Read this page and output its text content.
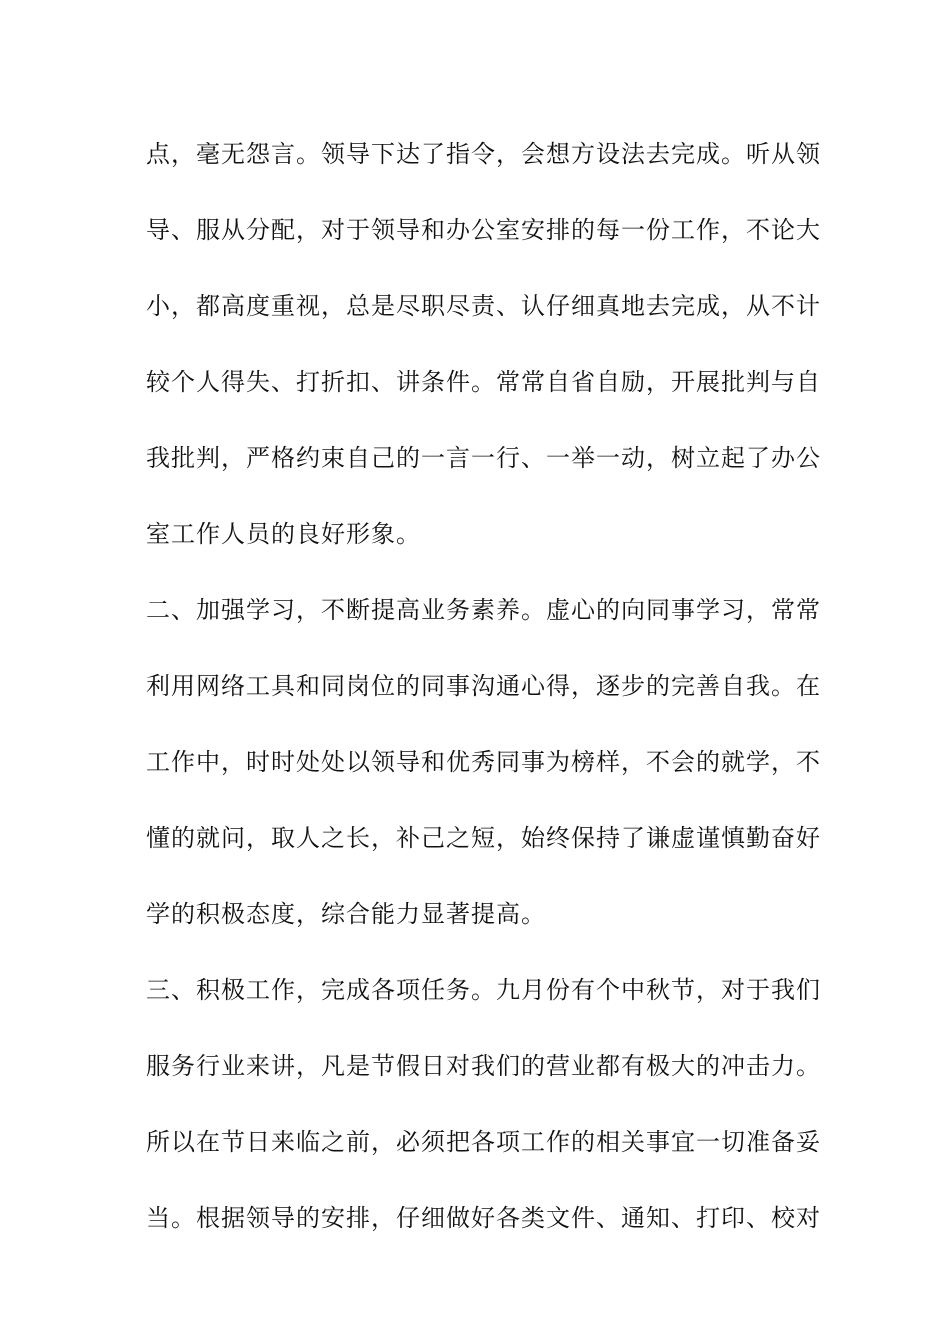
点，毫无怨言。领导下达了指令，会想方设法去完成。听从领
导、服从分配，对于领导和办公室安排的每一份工作，不论大
小，都高度重视，总是尽职尽责、认仔细真地去完成，从不计
较个人得失、打折扣、讲条件。常常自省自励，开展批判与自
我批判，严格约束自己的一言一行、一举一动，树立起了办公
室工作人员的良好形象。
二、加强学习，不断提高业务素养。虚心的向同事学习，常常
利用网络工具和同岗位的同事沟通心得，逐步的完善自我。在
工作中，时时处处以领导和优秀同事为榜样，不会的就学，不
懂的就问，取人之长，补己之短，始终保持了谦虚谨慎勤奋好
学的积极态度，综合能力显著提高。
三、积极工作，完成各项任务。九月份有个中秋节，对于我们
服务行业来讲，凡是节假日对我们的营业都有极大的冲击力。
所以在节日来临之前，必须把各项工作的相关事宜一切准备妥
当。根据领导的安排，仔细做好各类文件、通知、打印、校对
